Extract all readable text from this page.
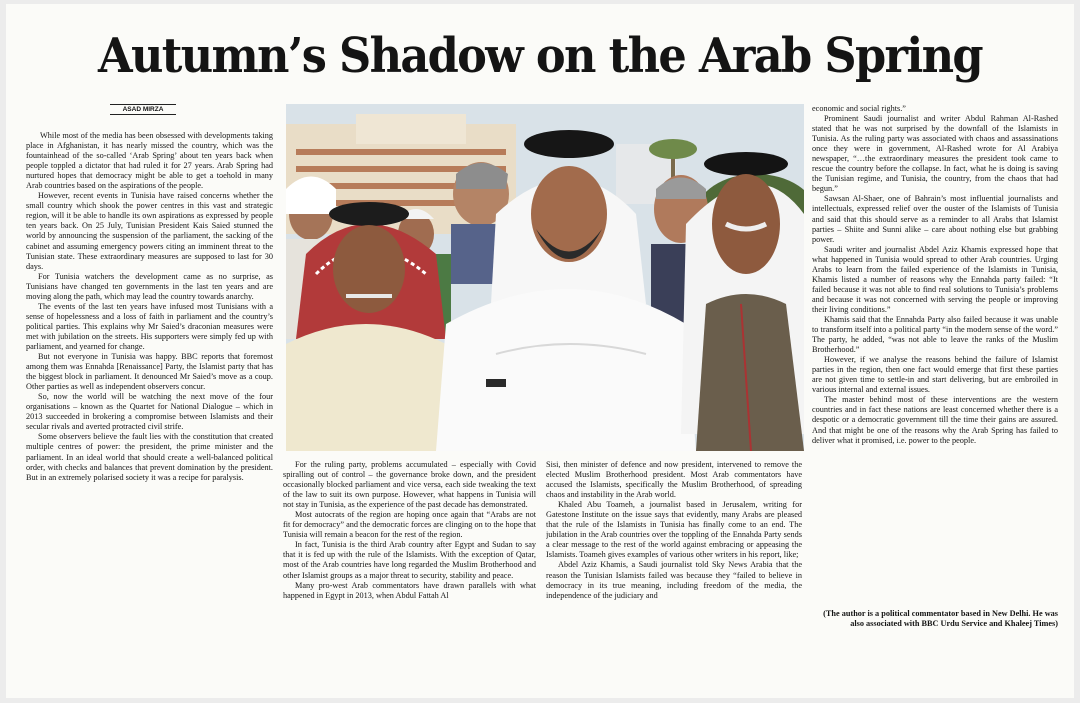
Autumn’s Shadow on the Arab Spring
ASAD MIRZA

While most of the media has been obsessed with developments taking place in Afghanistan, it has nearly missed the country, which was the fountainhead of the so-called ‘Arab Spring’ about ten years back when people toppled a dictator that had ruled it for 27 years. Arab Spring had nurtured hopes that democracy might be able to get a toehold in many Arab countries based on the aspirations of the people.

However, recent events in Tunisia have raised concerns whether the small country which shook the power centres in this vast and strategic region, will it be able to handle its own aspirations as expressed by people ten years back. On 25 July, Tunisian President Kais Saied stunned the world by announcing the suspension of the parliament, the sacking of the cabinet and assuming emergency powers citing an imminent threat to the Tunisian state. These extraordinary measures are supposed to last for 30 days.

For Tunisia watchers the development came as no surprise, as Tunisians have changed ten governments in the last ten years and are moving along the path, which may lead the country towards anarchy.

The events of the last ten years have infused most Tunisians with a sense of hopelessness and a loss of faith in parliament and the country’s political parties. This explains why Mr Saied’s draconian measures were met with jubilation on the streets. His supporters were simply fed up with parliament, and yearned for change.

But not everyone in Tunisia was happy. BBC reports that foremost among them was Ennahda [Renaissance] Party, the Islamist party that has the biggest block in parliament. It denounced Mr Saied’s move as a coup. Other parties as well as independent observers concur.

So, now the world will be watching the next move of the four organisations – known as the Quartet for National Dialogue – which in 2013 succeeded in brokering a compromise between Islamists and their secular rivals and averted protracted civil strife.

Some observers believe the fault lies with the constitution that created multiple centres of power: the president, the prime minister and the parliament. In an ideal world that should create a well-balanced political order, with checks and balances that prevent domination by the president. But in an extremely polarised society it was a recipe for paralysis.

For the ruling party, problems accumulated – especially with Covid spiralling out of control – the governance broke down, and the president occasionally blocked parliament and vice versa, each side tweaking the text of the law to suit its own purpose. However, what happens in Tunisia will not stay in Tunisia, as the experience of the past decade has demonstrated.

Most autocrats of the region are hoping once again that “Arabs are not fit for democracy” and the democratic forces are clinging on to the hope that Tunisia will remain a beacon for the rest of the region.

In fact, Tunisia is the third Arab country after Egypt and Sudan to say that it is fed up with the rule of the Islamists. With the exception of Qatar, most of the Arab countries have long regarded the Muslim Brotherhood and other Islamist groups as a major threat to security, stability and peace.

Many pro-west Arab commentators have drawn parallels with what happened in Egypt in 2013, when Abdul Fattah Al

Sisi, then minister of defence and now president, intervened to remove the elected Muslim Brotherhood president. Most Arab commentators have accused the Islamists, specifically the Muslim Brotherhood, of spreading chaos and instability in the Arab world.

Khaled Abu Toameh, a journalist based in Jerusalem, writing for Gatestone Institute on the issue says that evidently, many Arabs are pleased that the rule of the Islamists in Tunisia has finally come to an end. The jubilation in the Arab countries over the toppling of the Ennahda Party sends a clear message to the rest of the world against embracing or appeasing the Islamists. Toameh gives examples of various other writers in his report, like;

Abdel Aziz Khamis, a Saudi journalist told Sky News Arabia that the reason the Tunisian Islamists failed was because they “failed to believe in democracy in its true meaning, including freedom of the media, the independence of the judiciary and

economic and social rights.”

Prominent Saudi journalist and writer Abdul Rahman Al-Rashed stated that he was not surprised by the downfall of the Islamists in Tunisia. As the ruling party was associated with chaos and assassinations once they were in government, Al-Rashed wrote for Al Arabiya newspaper, “…the extraordinary measures the president took came to rescue the country before the collapse. In fact, what he is doing is saving the Tunisian regime, and Tunisia, the country, from the chaos that had begun.”

Sawsan Al-Shaer, one of Bahrain’s most influential journalists and intellectuals, expressed relief over the ouster of the Islamists of Tunisia and said that this should serve as a reminder to all Arabs that Islamist parties – Shiite and Sunni alike – care about nothing else but grabbing power.

Saudi writer and journalist Abdel Aziz Khamis expressed hope that what happened in Tunisia would spread to other Arab countries. Urging Arabs to learn from the failed experience of the Islamists in Tunisia, Khamis listed a number of reasons why the Ennahda party failed: “It failed because it was not able to find real solutions to Tunisia’s problems and because it was not concerned with serving the people or improving their living conditions.”

Khamis said that the Ennahda Party also failed because it was unable to transform itself into a political party “in the modern sense of the word.” The party, he added, “was not able to leave the ranks of the Muslim Brotherhood.”

However, if we analyse the reasons behind the failure of Islamist parties in the region, then one fact would emerge that first these parties are not given time to settle-in and start delivering, but are embroiled in various internal and external issues.

The master behind most of these interventions are the western countries and in fact these nations are least concerned whether there is a despotic or a democratic government till the time their gains are assured. And that might be one of the reasons why the Arab Spring has failed to deliver what it promised, i.e. power to the people.

(The author is a political commentator based in New Delhi. He was also associated with BBC Urdu Service and Khaleej Times)
